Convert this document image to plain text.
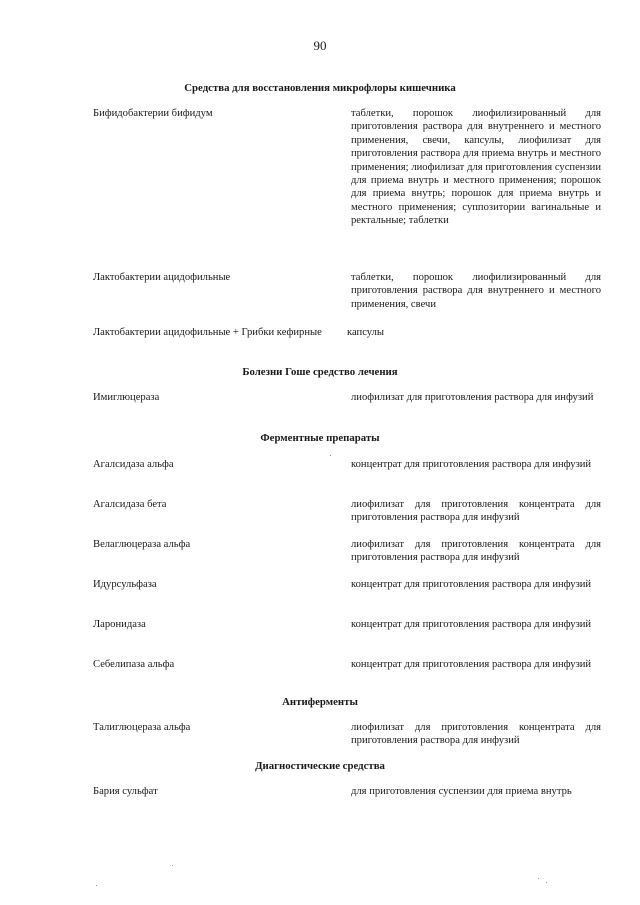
90
Средства для восстановления микрофлоры кишечника
Бифидобактерии бифидум	таблетки, порошок лиофилизированный для приготовления раствора для внутреннего и местного применения, свечи, капсулы, лиофилизат для приготовления раствора для приема внутрь и местного применения; лиофилизат для приготовления суспензии для приема внутрь и местного применения; порошок для приема внутрь; порошок для приема внутрь и местного применения; суппозитории вагинальные и ректальные; таблетки
Лактобактерии ацидофильные	таблетки, порошок лиофилизированный для приготовления раствора для внутреннего и местного применения, свечи
Лактобактерии ацидофильные + Грибки кефирные	капсулы
Болезни Гоше средство лечения
Имиглюцераза	лиофилизат для приготовления раствора для инфузий
Ферментные препараты
Агалсидаза альфа	концентрат для приготовления раствора для инфузий
Агалсидаза бета	лиофилизат для приготовления концентрата для приготовления раствора для инфузий
Велаглюцераза альфа	лиофилизат для приготовления концентрата для приготовления раствора для инфузий
Идурсульфаза	концентрат для приготовления раствора для инфузий
Ларонидаза	концентрат для приготовления раствора для инфузий
Себелипаза альфа	концентрат для приготовления раствора для инфузий
Антиферменты
Талиглюцераза альфа	лиофилизат для приготовления концентрата для приготовления раствора для инфузий
Диагностические средства
Бария сульфат	для приготовления суспензии для приема внутрь
